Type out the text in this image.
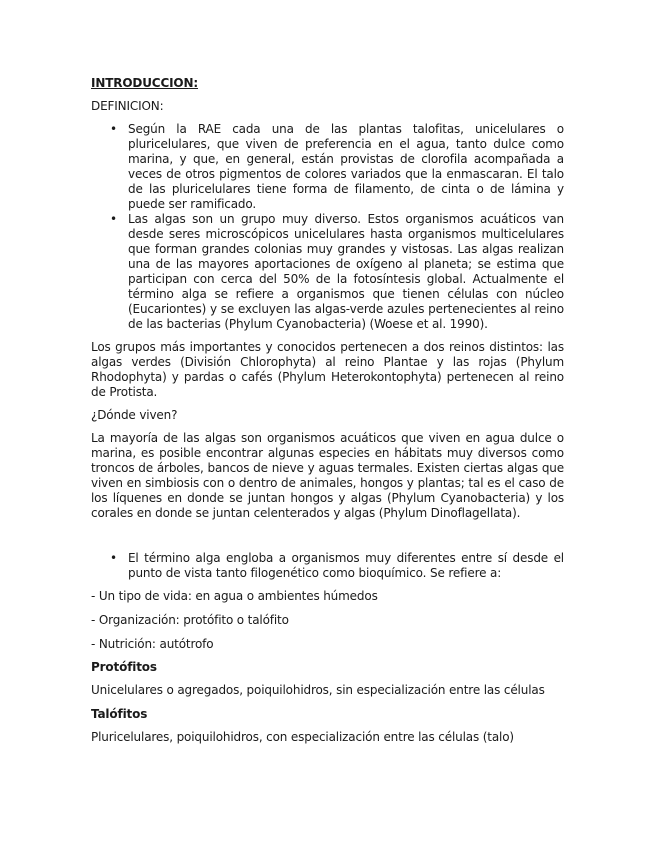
INTRODUCCION:

DEFINICION:

• Según la RAE cada una de las plantas talofitas, unicelulares o pluricelulares, que viven de preferencia en el agua, tanto dulce como marina, y que, en general, están provistas de clorofila acompañada a veces de otros pigmentos de colores variados que la enmascaran. El talo de las pluricelulares tiene forma de filamento, de cinta o de lámina y puede ser ramificado.
• Las algas son un grupo muy diverso. Estos organismos acuáticos van desde seres microscópicos unicelulares hasta organismos multicelulares que forman grandes colonias muy grandes y vistosas. Las algas realizan una de las mayores aportaciones de oxígeno al planeta; se estima que participan con cerca del 50% de la fotosíntesis global. Actualmente el término alga se refiere a organismos que tienen células con núcleo (Eucariontes) y se excluyen las algas-verde azules pertenecientes al reino de las bacterias (Phylum Cyanobacteria) (Woese et al. 1990).

Los grupos más importantes y conocidos pertenecen a dos reinos distintos: las algas verdes (División Chlorophyta) al reino Plantae y las rojas (Phylum Rhodophyta) y pardas o cafés (Phylum Heterokontophyta) pertenecen al reino de Protista.

¿Dónde viven?

La mayoría de las algas son organismos acuáticos que viven en agua dulce o marina, es posible encontrar algunas especies en hábitats muy diversos como troncos de árboles, bancos de nieve y aguas termales. Existen ciertas algas que viven en simbiosis con o dentro de animales, hongos y plantas; tal es el caso de los líquenes en donde se juntan hongos y algas (Phylum Cyanobacteria) y los corales en donde se juntan celenterados y algas (Phylum Dinoflagellata).

• El término alga engloba a organismos muy diferentes entre sí desde el punto de vista tanto filogenético como bioquímico. Se refiere a:

- Un tipo de vida: en agua o ambientes húmedos

- Organización: protófito o talófito

- Nutrición: autótrofo

Protófitos

Unicelulares o agregados, poiquilohidros, sin especialización entre las células

Talófitos

Pluricelulares, poiquilohidros, con especialización entre las células (talo)
